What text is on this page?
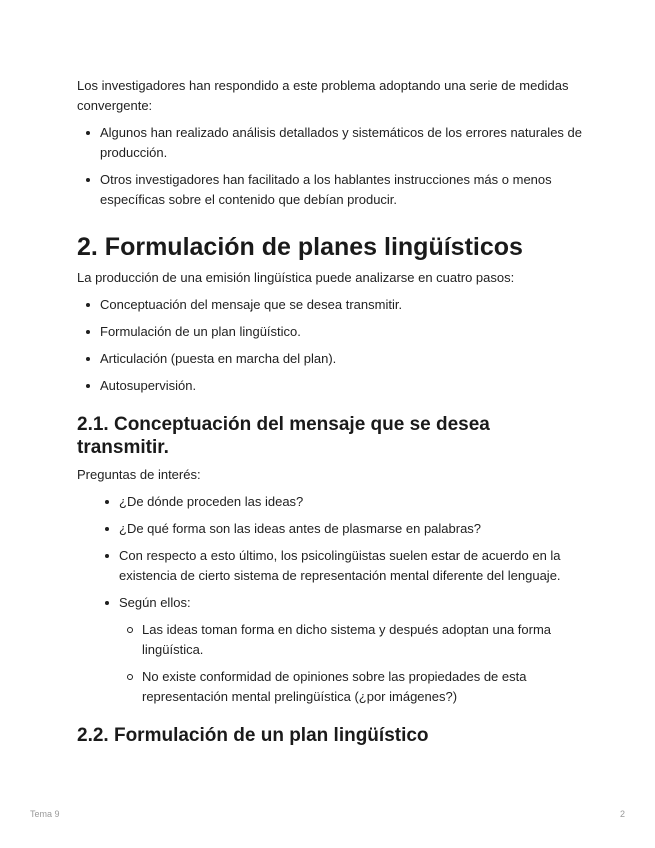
Los investigadores han respondido a este problema adoptando una serie de medidas convergente:

Algunos han realizado análisis detallados y sistemáticos de los errores naturales de producción.
Otros investigadores han facilitado a los hablantes instrucciones más o menos específicas sobre el contenido que debían producir.
2. Formulación de planes lingüísticos

La producción de una emisión lingüística puede analizarse en cuatro pasos:

Conceptuación del mensaje que se desea transmitir.
Formulación de un plan lingüístico.
Articulación (puesta en marcha del plan).
Autosupervisión.
2.1. Conceptuación del mensaje que se desea transmitir.

Preguntas de interés:

¿De dónde proceden las ideas?
¿De qué forma son las ideas antes de plasmarse en palabras?
Con respecto a esto último, los psicolingüistas suelen estar de acuerdo en la existencia de cierto sistema de representación mental diferente del lenguaje.
Según ellos:
Las ideas toman forma en dicho sistema y después adoptan una forma lingüística.
No existe conformidad de opiniones sobre las propiedades de esta representación mental prelingüística (¿por imágenes?)
2.2. Formulación de un plan lingüístico
Tema 9	2
